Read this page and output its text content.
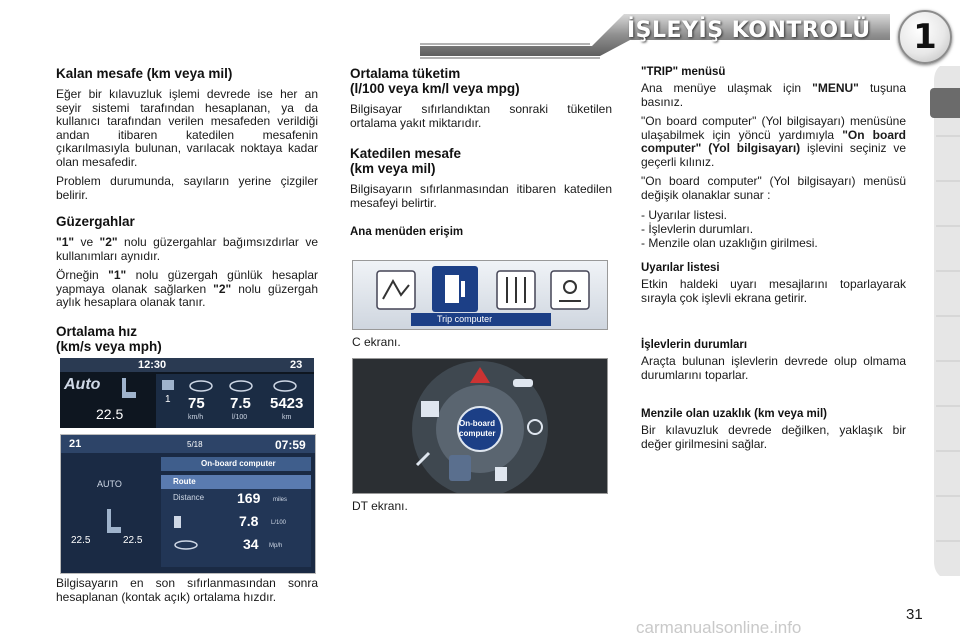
İŞLEYİŞ KONTROLÜ	1
Kalan mesafe (km veya mil)

Eğer bir kılavuzluk işlemi devrede ise her an seyir sistemi tarafından hesaplanan, ya da kullanıcı tarafından verilen mesafeden verildiği andan itibaren katedilen mesafenin çıkarılmasıyla bulunan, varılacak noktaya kadar olan mesafedir.

Problem durumunda, sayıların yerine çizgiler belirir.

Güzergahlar

"1" ve "2" nolu güzergahlar bağımsızdırlar ve kullanımları aynıdır.

Örneğin "1" nolu güzergah günlük hesaplar yapmaya olanak sağlarken "2" nolu güzergah aylık hesaplara olanak tanır.

Ortalama hız
(km/s veya mph)
12:30	23
Auto
22.5
1 75 7.5 5423
km/h	l/100	km
21	5/18	07:59
On-board computer
AUTO
22.5	22.5
Route
Distance 169 miles
7.8 L/100
34 Mp/h
Bilgisayarın en son sıfırlanmasından sonra hesaplanan (kontak açık) ortalama hızdır.
Ortalama tüketim
(l/100 veya km/l veya mpg)

Bilgisayar sıfırlandıktan sonraki tüketilen ortalama yakıt miktarıdır.

Katedilen mesafe
(km veya mil)

Bilgisayarın sıfırlanmasından itibaren katedilen mesafeyi belirtir.

Ana menüden erişim
Trip computer
C ekranı.
On-board
computer
DT ekranı.
"TRIP" menüsü

Ana menüye ulaşmak için "MENU" tuşuna basınız.

"On board computer" (Yol bilgisayarı) menüsüne ulaşabilmek için yöncü yardımıyla "On board computer" (Yol bilgisayarı) işlevini seçiniz ve geçerli kılınız.

"On board computer" (Yol bilgisayarı) menüsü değişik olanaklar sunar :

- Uyarılar listesi.
- İşlevlerin durumları.
- Menzile olan uzaklığın girilmesi.
Uyarılar listesi

Etkin haldeki uyarı mesajlarını toparlayarak sırayla çok işlevli ekrana getirir.

İşlevlerin durumları

Araçta bulunan işlevlerin devrede olup olmama durumlarını toparlar.

Menzile olan uzaklık (km veya mil)

Bir kılavuzluk devrede değilken, yaklaşık bir değer girilmesini sağlar.

31
carmanualsonline.info
